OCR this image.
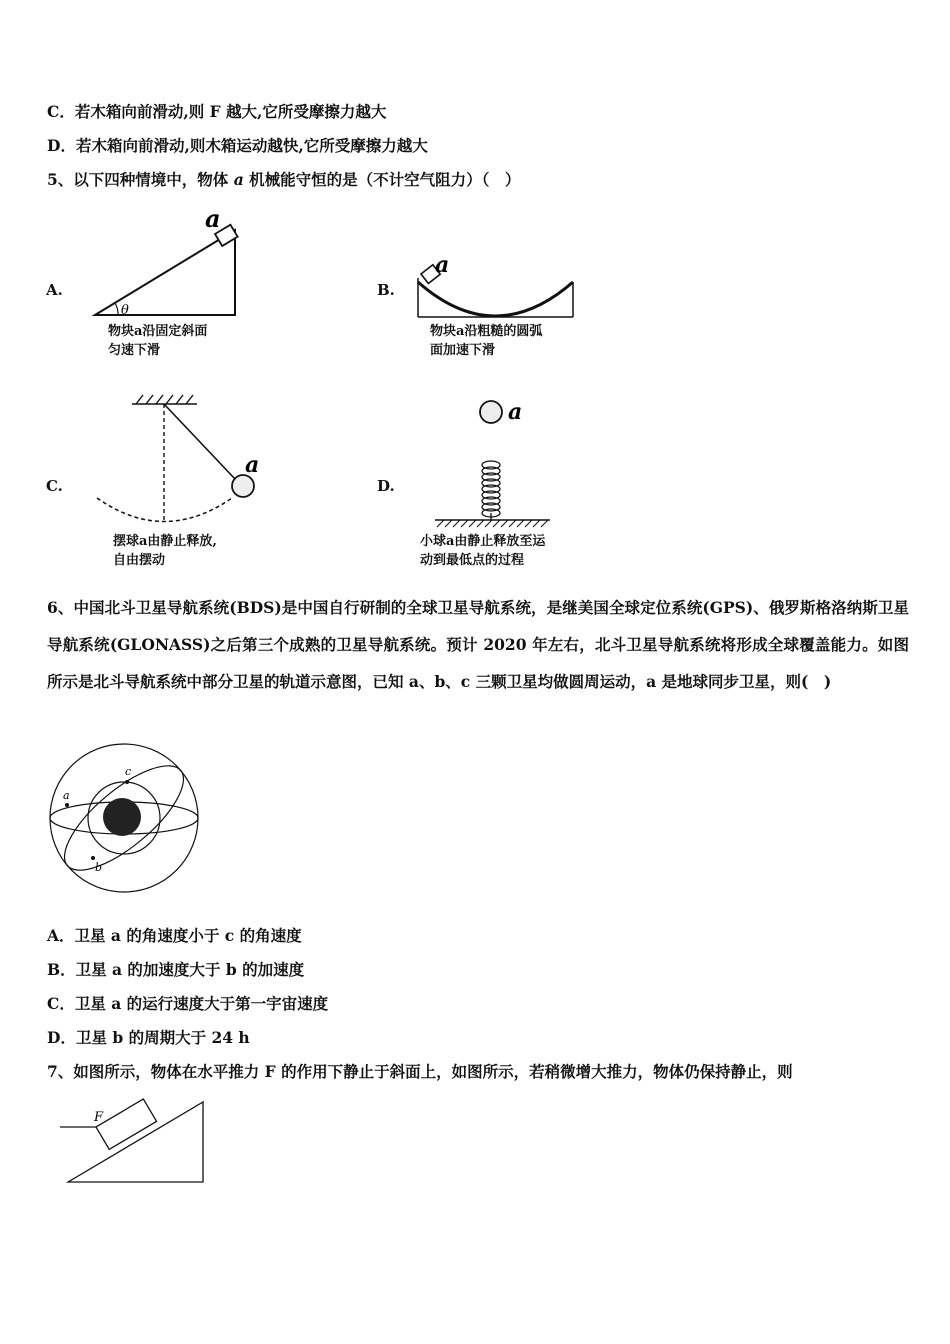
C．若木箱向前滑动,则 F 越大,它所受摩擦力越大
D．若木箱向前滑动,则木箱运动越快,它所受摩擦力越大
5、以下四种情境中，物体 a 机械能守恒的是（不计空气阻力）（　）
A.	B.
C.	D.
θ
a
物块a沿固定斜面
匀速下滑
a
物块a沿粗糙的圆弧
面加速下滑
a
摆球a由静止释放,
自由摆动
a
小球a由静止释放至运
动到最低点的过程
6、中国北斗卫星导航系统(BDS)是中国自行研制的全球卫星导航系统，是继美国全球定位系统(GPS)、俄罗斯格洛纳斯卫星导航系统(GLONASS)之后第三个成熟的卫星导航系统。预计 2020 年左右，北斗卫星导航系统将形成全球覆盖能力。如图所示是北斗导航系统中部分卫星的轨道示意图，已知 a、b、c 三颗卫星均做圆周运动，a 是地球同步卫星，则(　)
c
a
b
A．卫星 a 的角速度小于 c 的角速度
B．卫星 a 的加速度大于 b 的加速度
C．卫星 a 的运行速度大于第一宇宙速度
D．卫星 b 的周期大于 24 h
7、如图所示，物体在水平推力 F 的作用下静止于斜面上，如图所示，若稍微增大推力，物体仍保持静止，则
F
